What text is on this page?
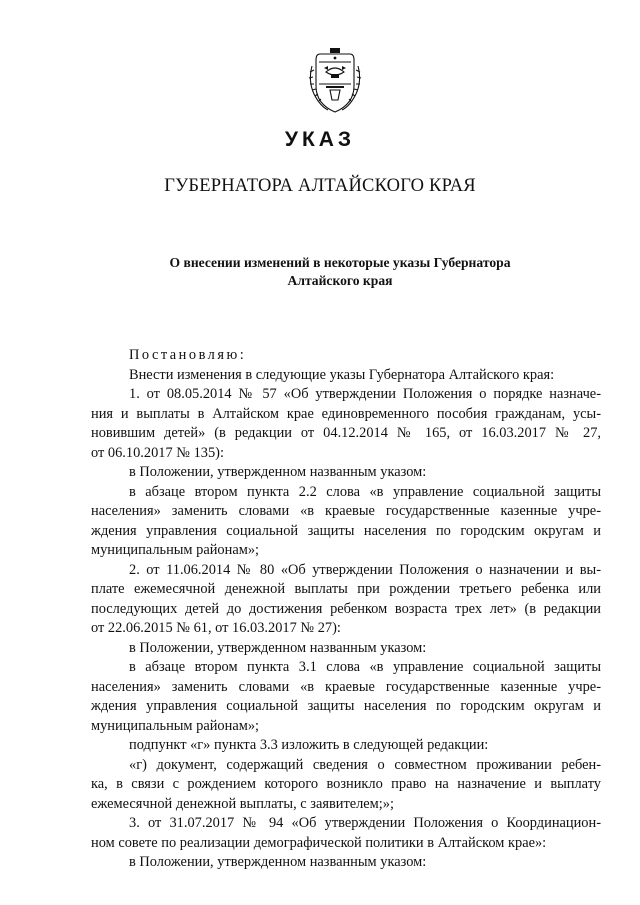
УКАЗ
ГУБЕРНАТОРА АЛТАЙСКОГО КРАЯ
О внесении изменений в некоторые указы Губернатора
Алтайского края
Постановляю:
Внести изменения в следующие указы Губернатора Алтайского края:
1. от 08.05.2014 № 57 «Об утверждении Положения о порядке назначе-
ния и выплаты в Алтайском крае единовременного пособия гражданам, усы-
новившим детей» (в редакции от 04.12.2014 № 165, от 16.03.2017 № 27,
от 06.10.2017 № 135):
в Положении, утвержденном названным указом:
в абзаце втором пункта 2.2 слова «в управление социальной защиты
населения» заменить словами «в краевые государственные казенные учре-
ждения управления социальной защиты населения по городским округам и
муниципальным районам»;
2. от 11.06.2014 № 80 «Об утверждении Положения о назначении и вы-
плате ежемесячной денежной выплаты при рождении третьего ребенка или
последующих детей до достижения ребенком возраста трех лет» (в редакции
от 22.06.2015 № 61, от 16.03.2017 № 27):
в Положении, утвержденном названным указом:
в абзаце втором пункта 3.1 слова «в управление социальной защиты
населения» заменить словами «в краевые государственные казенные учре-
ждения управления социальной защиты населения по городским округам и
муниципальным районам»;
подпункт «г» пункта 3.3 изложить в следующей редакции:
«г) документ, содержащий сведения о совместном проживании ребен-
ка, в связи с рождением которого возникло право на назначение и выплату
ежемесячной денежной выплаты, с заявителем;»;
3. от 31.07.2017 № 94 «Об утверждении Положения о Координацион-
ном совете по реализации демографической политики в Алтайском крае»:
в Положении, утвержденном названным указом:
